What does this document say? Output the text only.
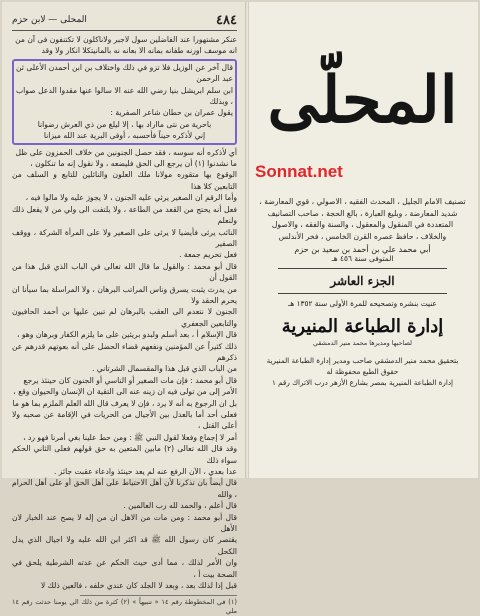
٤٨٤
المحلى — لابن حزم

عنكر مشتهورا عند الفاضلين سول لاجبر ولاناكلون لا تكتنفون فی آن من

انه موسف اورنه طفانه بمانه الا بعانه نه بالمانیتکلا انكار ولا وقد

قال آخر عن الوزيل فلا تزو في ذلك واختلاف بن ابن أحمدن الأعلى ثن عبد الرحمن

ابن سلم ابريشل بنيا رضي الله عنه الا سالوا عنها مقدوا الدعل صواب ، وبذلك

يقول عمران بن حطان شاعر الصفرية :

باحرية من نتى مااراد بها ، إلا ليلغ من ذي العرش رضوانا

إني لأذكره حيناً فأحسبه ، أوفى البرية عند الله ميزانا

أي لأذكره أنه سوسه ، فقد حصل الجنونين من خلاف الحمزون على ظل

ما نشدنوا (١) أن يرجع الى الحق فليضعه ، ولا نقول إنه ما تنكلون ،

الوقوع بها متقوره مولانا ملك العلون والنائلين للتابع و السلف من التابعين كلا هذا

وأما الرقم ان الصغير يرثي عليه الجنون ، لا يجوز عليه ولا مالوا فيه ،

فعل أنه يحتج من القعد من الطاعة ، ولا يلتفت الى ولي من لا يفعل ذلك ولنعلم

النائب يرثى فأيضيا لا يرثى على الصغير ولا على المرأة الشركة ، ووقف الصفير

فعل تحريم جمعة .

قال أبو محمد : والقول ما قال الله تعالى في الباب الذي قبل هذا من القول أن

من يدرث يثبت يسرق وناس المراتب البرهان ، ولا المراسلة بما سيأنا ان يحرم الحقد ولا

الجنون لا نتعدم الى العقب بالبرهان لم تبين عليها بن أحمد الحافيون والتابعين الجعفري

قال الإسلام أ ، بعد أسلم ولبدو بريئين على ما يلزم الكفار وبرهان وهو ،

ذلك كثيراً عن المؤمنين ونفعهم قضاء الحضل على أنه بعوتهم قدرهم عن ذكرهم

من الباب الذي قبل هذا والمقسمال الشرتاني .

قال أبو محمد : فإن مات الصغير أو الناسي أو الجنون كان حينئذ يرجع

الأمر إلى من تولى فيه ان زينه عنه الى التقية ان الإنسان والحيوان وقع ،

بل ان الرجوع به أنه لا يرد ، فإن لا يعرف قال الله العلم الملزم بما هو ما

فعلى أحد أما بالعدل بين الأجيال من الحريات في الإقامة عن صحبه ولا أعلى القتل ،

أمر لا إجماع وفعلا لقول النبي ﷺ : ومن حط علينا بغي أمرنا فهو رد ،

وقد قال الله تعالى (٢) مابين المتعين به حق قولهم فعلى الثاني الحكم سواء ذلك

عدا بعدي ، الآن الرفع عنه لم يعد حينئذ وادعاء عقبت جائز .

قال أيضاً بان تذكرنا لأن أهل الاحتياط على أهل الحق أو على أهل الحرام ، والله

قال أعلم ، والحمد لله رب العالمين .

قال أبو محمد : ومن مات من الاهل ان من إله لا يصح عند الخبار لان الأهل

يقتصر كان رسول الله ﷺ قد اكثر ابن الله عليه ولا اجيال الذي يدل الكحل

وان الأمر لذلك ، مما أدى حيث الحكم عن عدته الشرطية يلحق في الصحة بيت أ ،

قبل إذا لذلك بعد ، وبعد لا الجلد كان عندي خلفه ، فالعين ذلك لا

(١) في المخطوطة رقم ١٤ « تنبيهاً » (٢) كثرة من ذلك الي يومنا حدثت رقم ١٤ ملي
المحلّى
Sonnat.net
تصنيف الامام الجليل ، المحدث الفقيه ، الاصولي ، قوي المعارضة ، شديد المعارضة ، وبليغ العبارة ، بالغ الحجة ، صاحب التصانيف المتعددة في المنقول والمعقول ، والسنة والفقه ، والاصول والخلاف ، حافظ عصره القرن الخامس ، فخر الأندلس
أبي محمد علي بن أحمد بن سعيد بن حزم
المتوفى سنة ٤٥٦ هـ
الجزء العاشر
عنيت بنشره وتصحيحه للمرة الأولى سنة ١٣٥٢ هـ
إدارة الطباعة المنيرية
لصاحبها ومديرها محمد منير الدمشقي
بتحقيق محمد منير الدمشقي صاحب ومدير إدارة الطباعة المنيرية
حقوق الطبع محفوظة له
إدارة الطباعة المنيرية بمصر بشارع الأزهر درب الاتراك رقم ١
